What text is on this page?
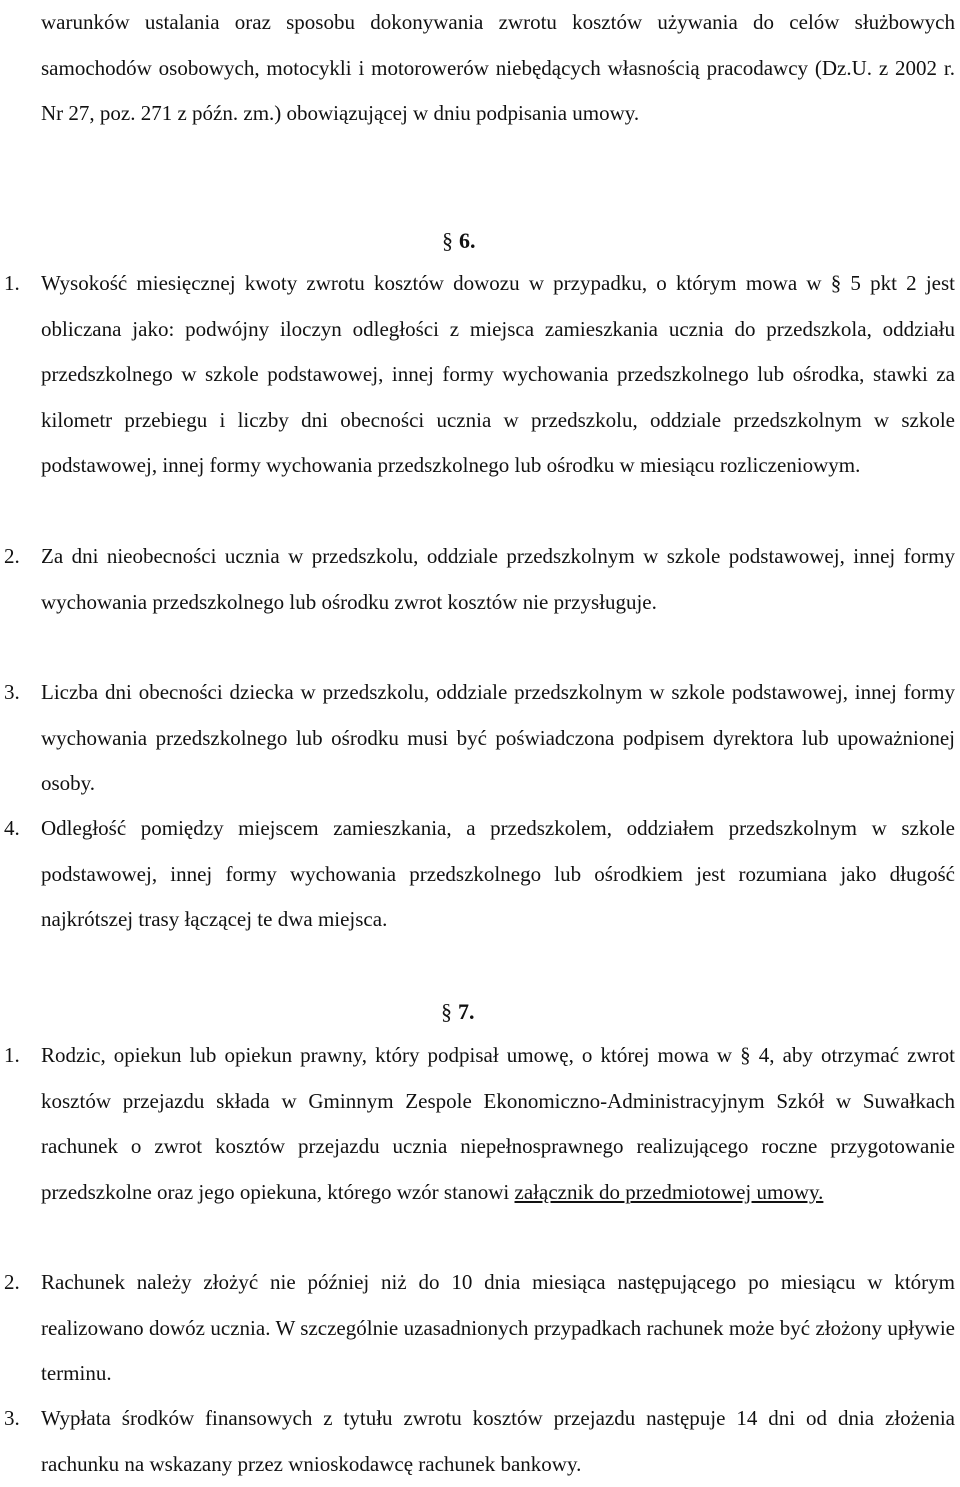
warunków ustalania oraz sposobu dokonywania zwrotu kosztów używania do celów służbowych samochodów osobowych, motocykli i motorowerów niebędących własnością pracodawcy (Dz.U. z 2002 r. Nr 27, poz. 271 z późn. zm.) obowiązującej w dniu podpisania umowy.
§ 6.
1. Wysokość miesięcznej kwoty zwrotu kosztów dowozu w przypadku, o którym mowa w § 5 pkt 2 jest obliczana jako: podwójny iloczyn odległości z miejsca zamieszkania ucznia do przedszkola, oddziału przedszkolnego w szkole podstawowej, innej formy wychowania przedszkolnego lub ośrodka, stawki za kilometr przebiegu i liczby dni obecności ucznia w przedszkolu, oddziale przedszkolnym w szkole podstawowej, innej formy wychowania przedszkolnego lub ośrodku w miesiącu rozliczeniowym.
2. Za dni nieobecności ucznia w przedszkolu, oddziale przedszkolnym w szkole podstawowej, innej formy wychowania przedszkolnego lub ośrodku zwrot kosztów nie przysługuje.
3. Liczba dni obecności dziecka w przedszkolu, oddziale przedszkolnym w szkole podstawowej, innej formy wychowania przedszkolnego lub ośrodku musi być poświadczona podpisem dyrektora lub upoważnionej osoby.
4. Odległość pomiędzy miejscem zamieszkania, a przedszkolem, oddziałem przedszkolnym w szkole podstawowej, innej formy wychowania przedszkolnego lub ośrodkiem jest rozumiana jako długość najkrótszej trasy łączącej te dwa miejsca.
§ 7.
1. Rodzic, opiekun lub opiekun prawny, który podpisał umowę, o której mowa w § 4, aby otrzymać zwrot kosztów przejazdu składa w Gminnym Zespole Ekonomiczno-Administracyjnym Szkół w Suwałkach rachunek o zwrot kosztów przejazdu ucznia niepełnosprawnego realizującego roczne przygotowanie przedszkolne oraz jego opiekuna, którego wzór stanowi załącznik do przedmiotowej umowy.
2. Rachunek należy złożyć nie później niż do 10 dnia miesiąca następującego po miesiącu w którym realizowano dowóz ucznia. W szczególnie uzasadnionych przypadkach rachunek może być złożony upływie terminu.
3. Wypłata środków finansowych z tytułu zwrotu kosztów przejazdu następuje 14 dni od dnia złożenia rachunku na wskazany przez wnioskodawcę rachunek bankowy.
